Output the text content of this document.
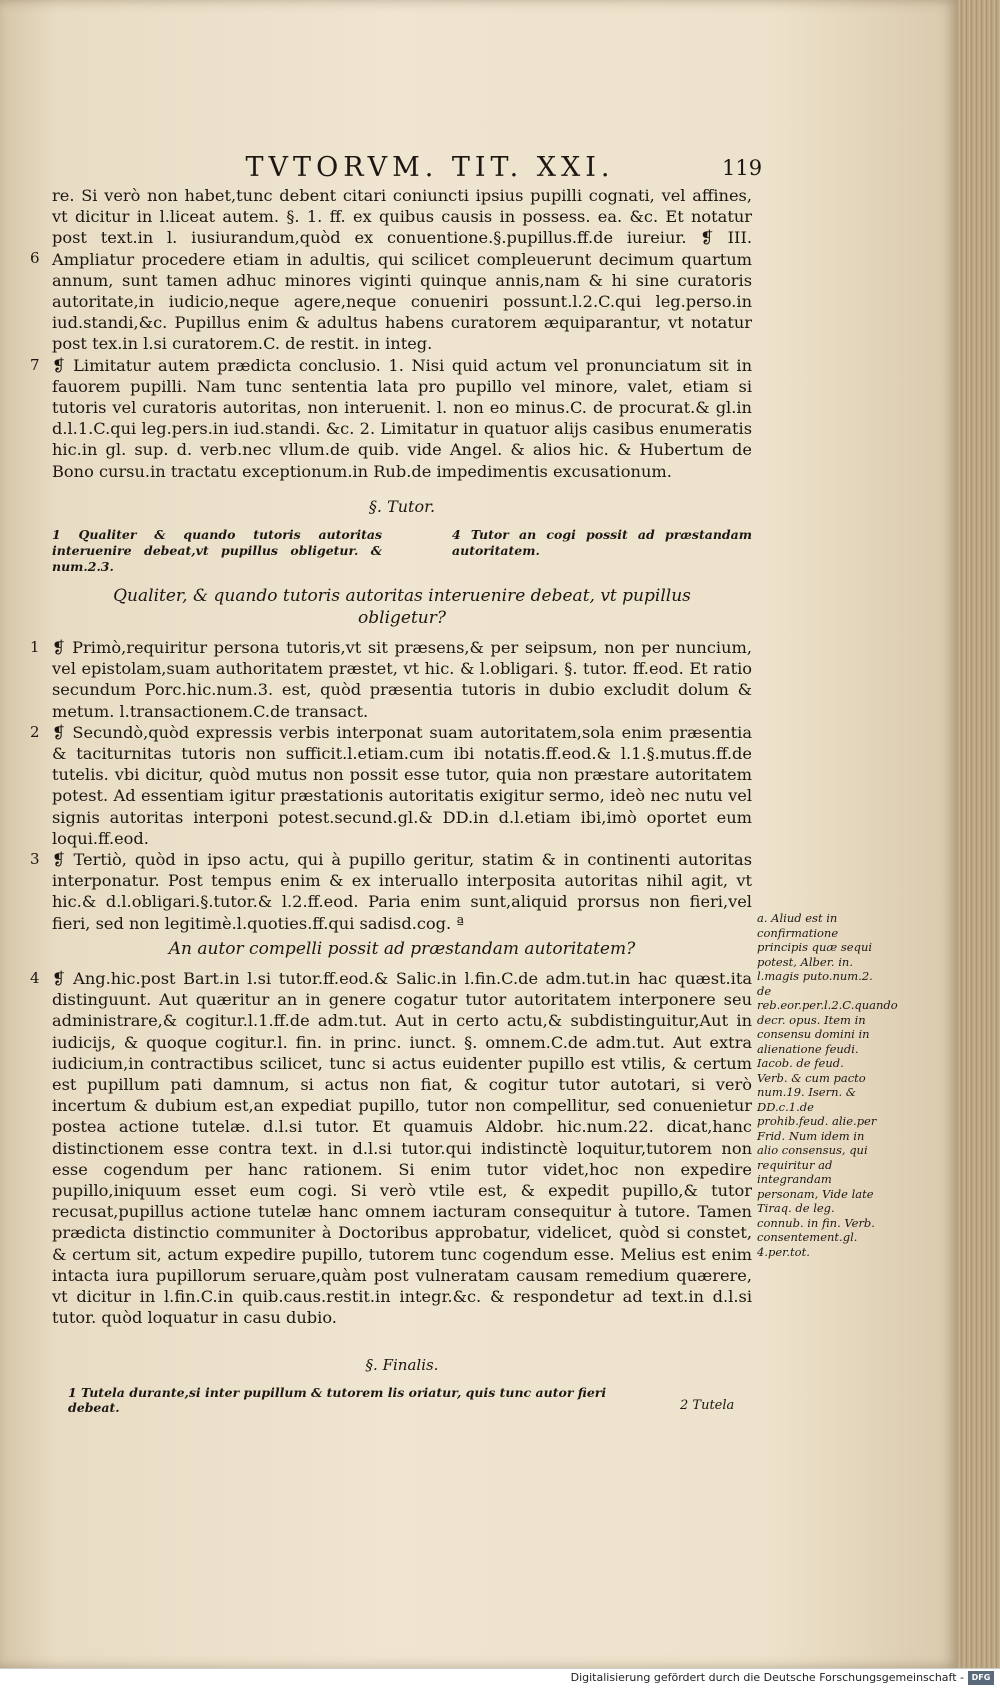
TVTORVM. TIT. XXI.	119
6

re. Si verò non habet,tunc debent citari coniuncti ipsius pupilli cognati, vel affines, vt dicitur in l.liceat autem. §. 1. ff. ex quibus causis in possess. ea. &c. Et notatur post text.in l. iusiurandum,quòd ex conuentione.§.pupillus.ff.de iureiur. ❡ III. Ampliatur procedere etiam in adultis, qui scilicet compleuerunt decimum quartum annum, sunt tamen adhuc minores viginti quinque annis,nam & hi sine curatoris autoritate,in iudicio,neque agere,neque conueniri possunt.l.2.C.qui leg.perso.in iud.standi,&c. Pupillus enim & adultus habens curatorem æquiparantur, vt notatur post tex.in l.si curatorem.C. de restit. in integ.

7 ❡ Limitatur autem prædicta conclusio. 1. Nisi quid actum vel pronunciatum sit in fauorem pupilli. Nam tunc sententia lata pro pupillo vel minore, valet, etiam si tutoris vel curatoris autoritas, non interuenit. l. non eo minus.C. de procurat.& gl.in d.l.1.C.qui leg.pers.in iud.standi. &c. 2. Limitatur in quatuor alijs casibus enumeratis hic.in gl. sup. d. verb.nec vllum.de quib. vide Angel. & alios hic. & Hubertum de Bono cursu.in tractatu exceptionum.in Rub.de impedimentis excusationum.

§. Tutor.
1 Qualiter & quando tutoris autoritas interuenire debeat,vt pupillus obligetur. & num.2.3.
4 Tutor an cogi possit ad præstandam autoritatem.
Qualiter, & quando tutoris autoritas interuenire debeat, vt pupillus obligetur?
1 ❡ Primò,requiritur persona tutoris,vt sit præsens,& per seipsum, non per nuncium, vel epistolam,suam authoritatem præstet, vt hic. & l.obligari. §. tutor. ff.eod. Et ratio secundum Porc.hic.num.3. est, quòd præsentia tutoris in dubio excludit dolum & metum. l.transactionem.C.de transact.

2 ❡ Secundò,quòd expressis verbis interponat suam autoritatem,sola enim præsentia & taciturnitas tutoris non sufficit.l.etiam.cum ibi notatis.ff.eod.& l.1.§.mutus.ff.de tutelis. vbi dicitur, quòd mutus non possit esse tutor, quia non præstare autoritatem potest. Ad essentiam igitur præstationis autoritatis exigitur sermo, ideò nec nutu vel signis autoritas interponi potest.secund.gl.& DD.in d.l.etiam ibi,imò oportet eum loqui.ff.eod.

3 ❡ Tertiò, quòd in ipso actu, qui à pupillo geritur, statim & in continenti autoritas interponatur. Post tempus enim & ex interuallo interposita autoritas nihil agit, vt hic.& d.l.obligari.§.tutor.& l.2.ff.eod. Paria enim sunt,aliquid prorsus non fieri,vel fieri, sed non legitimè.l.quoties.ff.qui sadisd.cog. ª

An autor compelli possit ad præstandam autoritatem?
4 ❡ Ang.hic.post Bart.in l.si tutor.ff.eod.& Salic.in l.fin.C.de adm.tut.in hac quæst.ita distinguunt. Aut quæritur an in genere cogatur tutor autoritatem interponere seu administrare,& cogitur.l.1.ff.de adm.tut. Aut in certo actu,& subdistinguitur,Aut in iudicijs, & quoque cogitur.l. fin. in princ. iunct. §. omnem.C.de adm.tut. Aut extra iudicium,in contractibus scilicet, tunc si actus euidenter pupillo est vtilis, & certum est pupillum pati damnum, si actus non fiat, & cogitur tutor autotari, si verò incertum & dubium est,an expediat pupillo, tutor non compellitur, sed conuenietur postea actione tutelæ. d.l.si tutor. Et quamuis Aldobr. hic.num.22. dicat,hanc distinctionem esse contra text. in d.l.si tutor.qui indistinctè loquitur,tutorem non esse cogendum per hanc rationem. Si enim tutor videt,hoc non expedire pupillo,iniquum esset eum cogi. Si verò vtile est, & expedit pupillo,& tutor recusat,pupillus actione tutelæ hanc omnem iacturam consequitur à tutore. Tamen prædicta distinctio communiter à Doctoribus approbatur, videlicet, quòd si constet, & certum sit, actum expedire pupillo, tutorem tunc cogendum esse. Melius est enim intacta iura pupillorum seruare,quàm post vulneratam causam remedium quærere, vt dicitur in l.fin.C.in quib.caus.restit.in integr.&c. & respondetur ad text.in d.l.si tutor. quòd loquatur in casu dubio.

a. Aliud est in confirmatione principis quæ sequi potest, Alber. in. l.magis puto.num.2. de reb.eor.per.l.2.C.quando decr. opus. Item in consensu domini in alienatione feudi. Iacob. de feud. Verb. & cum pacto num.19. Isern. & DD.c.1.de prohib.feud. alie.per Frid. Num idem in alio consensus, qui requiritur ad integrandam personam, Vide late Tiraq. de leg. connub. in fin. Verb. consentement.gl. 4.per.tot.
§. Finalis.
1 Tutela durante,si inter pupillum & tutorem lis oriatur, quis tunc autor fieri debeat.	2 Tutela
Digitalisierung gefördert durch die Deutsche Forschungsgemeinschaft - DFG
